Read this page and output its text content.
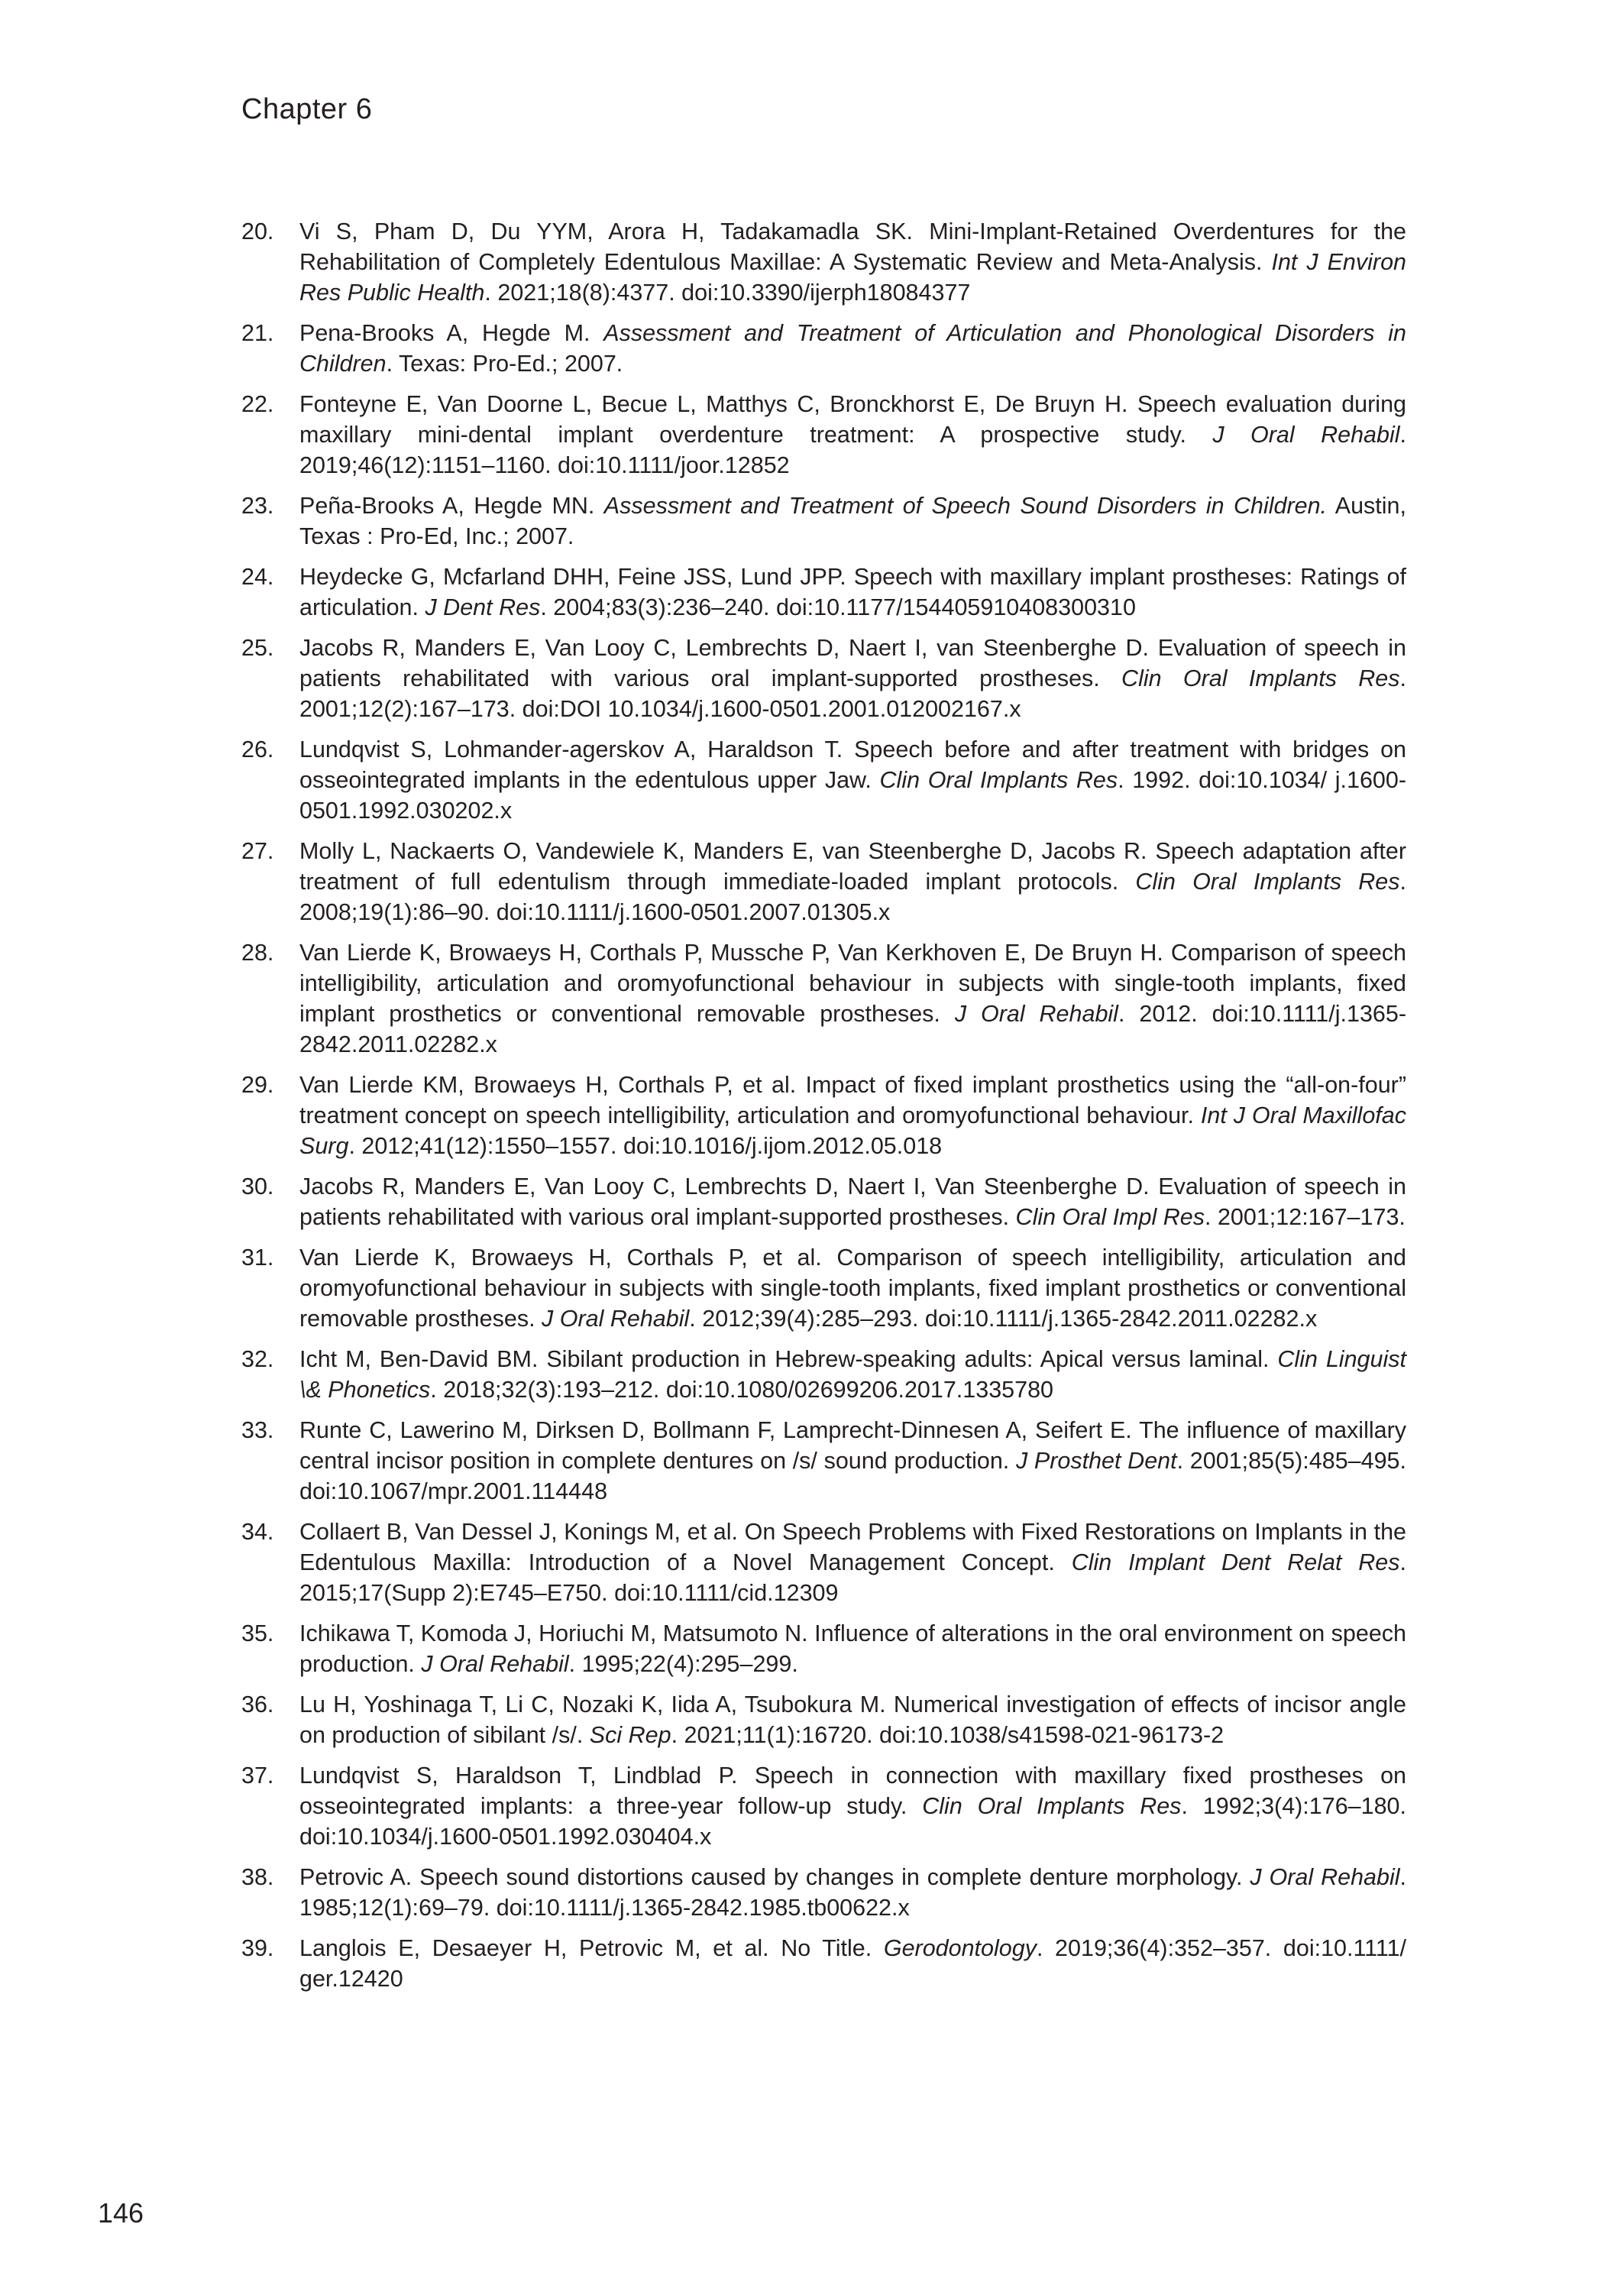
Chapter 6
20. Vi S, Pham D, Du YYM, Arora H, Tadakamadla SK. Mini-Implant-Retained Overdentures for the Rehabilitation of Completely Edentulous Maxillae: A Systematic Review and Meta-Analysis. Int J Environ Res Public Health. 2021;18(8):4377. doi:10.3390/ijerph18084377
21. Pena-Brooks A, Hegde M. Assessment and Treatment of Articulation and Phonological Disorders in Children. Texas: Pro-Ed.; 2007.
22. Fonteyne E, Van Doorne L, Becue L, Matthys C, Bronckhorst E, De Bruyn H. Speech evaluation during maxillary mini-dental implant overdenture treatment: A prospective study. J Oral Rehabil. 2019;46(12):1151–1160. doi:10.1111/joor.12852
23. Peña-Brooks A, Hegde MN. Assessment and Treatment of Speech Sound Disorders in Children. Austin, Texas : Pro-Ed, Inc.; 2007.
24. Heydecke G, Mcfarland DHH, Feine JSS, Lund JPP. Speech with maxillary implant prostheses: Ratings of articulation. J Dent Res. 2004;83(3):236–240. doi:10.1177/154405910408300310
25. Jacobs R, Manders E, Van Looy C, Lembrechts D, Naert I, van Steenberghe D. Evaluation of speech in patients rehabilitated with various oral implant-supported prostheses. Clin Oral Implants Res. 2001;12(2):167–173. doi:DOI 10.1034/j.1600-0501.2001.012002167.x
26. Lundqvist S, Lohmander-agerskov A, Haraldson T. Speech before and after treatment with bridges on osseointegrated implants in the edentulous upper Jaw. Clin Oral Implants Res. 1992. doi:10.1034/ j.1600-0501.1992.030202.x
27. Molly L, Nackaerts O, Vandewiele K, Manders E, van Steenberghe D, Jacobs R. Speech adaptation after treatment of full edentulism through immediate-loaded implant protocols. Clin Oral Implants Res. 2008;19(1):86–90. doi:10.1111/j.1600-0501.2007.01305.x
28. Van Lierde K, Browaeys H, Corthals P, Mussche P, Van Kerkhoven E, De Bruyn H. Comparison of speech intelligibility, articulation and oromyofunctional behaviour in subjects with single-tooth implants, fixed implant prosthetics or conventional removable prostheses. J Oral Rehabil. 2012. doi:10.1111/j.1365-2842.2011.02282.x
29. Van Lierde KM, Browaeys H, Corthals P, et al. Impact of fixed implant prosthetics using the “all-on-four” treatment concept on speech intelligibility, articulation and oromyofunctional behaviour. Int J Oral Maxillofac Surg. 2012;41(12):1550–1557. doi:10.1016/j.ijom.2012.05.018
30. Jacobs R, Manders E, Van Looy C, Lembrechts D, Naert I, Van Steenberghe D. Evaluation of speech in patients rehabilitated with various oral implant-supported prostheses. Clin Oral Impl Res. 2001;12:167–173.
31. Van Lierde K, Browaeys H, Corthals P, et al. Comparison of speech intelligibility, articulation and oromyofunctional behaviour in subjects with single-tooth implants, fixed implant prosthetics or conventional removable prostheses. J Oral Rehabil. 2012;39(4):285–293. doi:10.1111/j.1365-2842.2011.02282.x
32. Icht M, Ben-David BM. Sibilant production in Hebrew-speaking adults: Apical versus laminal. Clin Linguist \& Phonetics. 2018;32(3):193–212. doi:10.1080/02699206.2017.1335780
33. Runte C, Lawerino M, Dirksen D, Bollmann F, Lamprecht-Dinnesen A, Seifert E. The influence of maxillary central incisor position in complete dentures on /s/ sound production. J Prosthet Dent. 2001;85(5):485–495. doi:10.1067/mpr.2001.114448
34. Collaert B, Van Dessel J, Konings M, et al. On Speech Problems with Fixed Restorations on Implants in the Edentulous Maxilla: Introduction of a Novel Management Concept. Clin Implant Dent Relat Res. 2015;17(Supp 2):E745–E750. doi:10.1111/cid.12309
35. Ichikawa T, Komoda J, Horiuchi M, Matsumoto N. Influence of alterations in the oral environment on speech production. J Oral Rehabil. 1995;22(4):295–299.
36. Lu H, Yoshinaga T, Li C, Nozaki K, Iida A, Tsubokura M. Numerical investigation of effects of incisor angle on production of sibilant /s/. Sci Rep. 2021;11(1):16720. doi:10.1038/s41598-021-96173-2
37. Lundqvist S, Haraldson T, Lindblad P. Speech in connection with maxillary fixed prostheses on osseointegrated implants: a three-year follow-up study. Clin Oral Implants Res. 1992;3(4):176–180. doi:10.1034/j.1600-0501.1992.030404.x
38. Petrovic A. Speech sound distortions caused by changes in complete denture morphology. J Oral Rehabil. 1985;12(1):69–79. doi:10.1111/j.1365-2842.1985.tb00622.x
39. Langlois E, Desaeyer H, Petrovic M, et al. No Title. Gerodontology. 2019;36(4):352–357. doi:10.1111/ ger.12420
146
